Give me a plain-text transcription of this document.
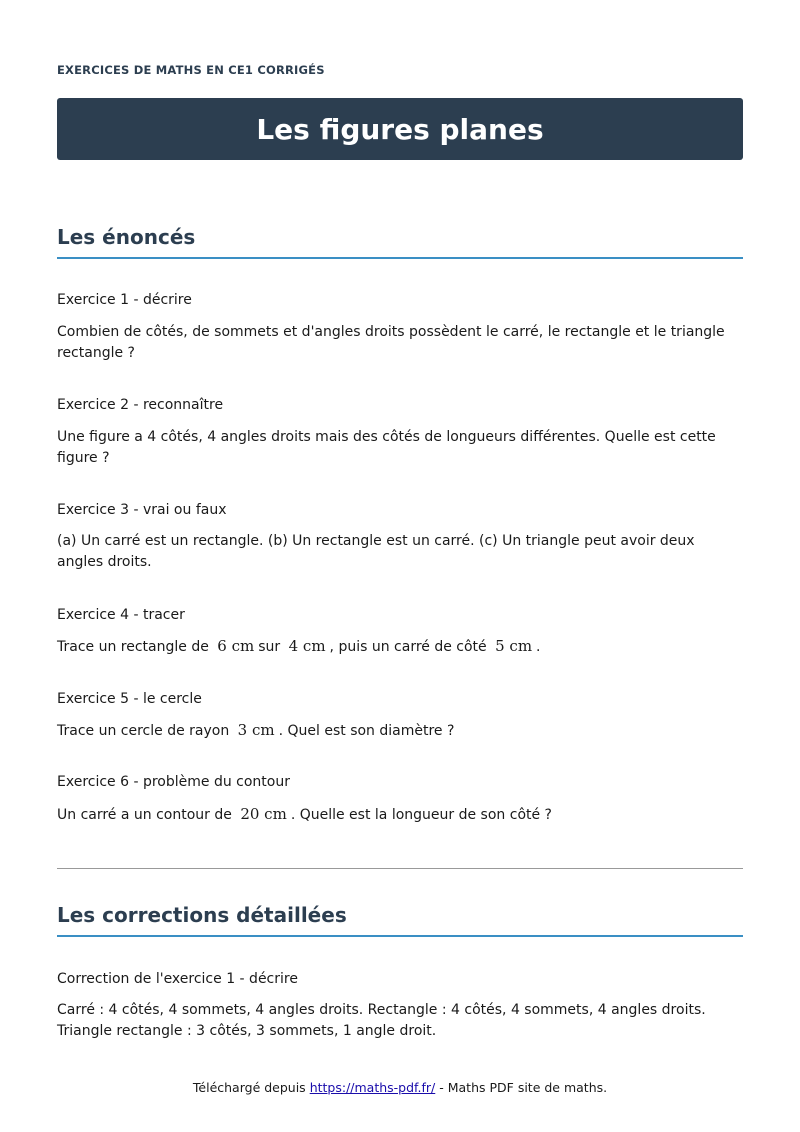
EXERCICES DE MATHS EN CE1 CORRIGÉS
Les figures planes
Les énoncés
Exercice 1 - décrire
Combien de côtés, de sommets et d'angles droits possèdent le carré, le rectangle et le triangle rectangle ?
Exercice 2 - reconnaître
Une figure a 4 côtés, 4 angles droits mais des côtés de longueurs différentes. Quelle est cette figure ?
Exercice 3 - vrai ou faux
(a) Un carré est un rectangle. (b) Un rectangle est un carré. (c) Un triangle peut avoir deux angles droits.
Exercice 4 - tracer
Trace un rectangle de 6 cm sur 4 cm , puis un carré de côté 5 cm .
Exercice 5 - le cercle
Trace un cercle de rayon 3 cm . Quel est son diamètre ?
Exercice 6 - problème du contour
Un carré a un contour de 20 cm . Quelle est la longueur de son côté ?
Les corrections détaillées
Correction de l'exercice 1 - décrire
Carré : 4 côtés, 4 sommets, 4 angles droits. Rectangle : 4 côtés, 4 sommets, 4 angles droits. Triangle rectangle : 3 côtés, 3 sommets, 1 angle droit.
Téléchargé depuis https://maths-pdf.fr/ - Maths PDF site de maths.
